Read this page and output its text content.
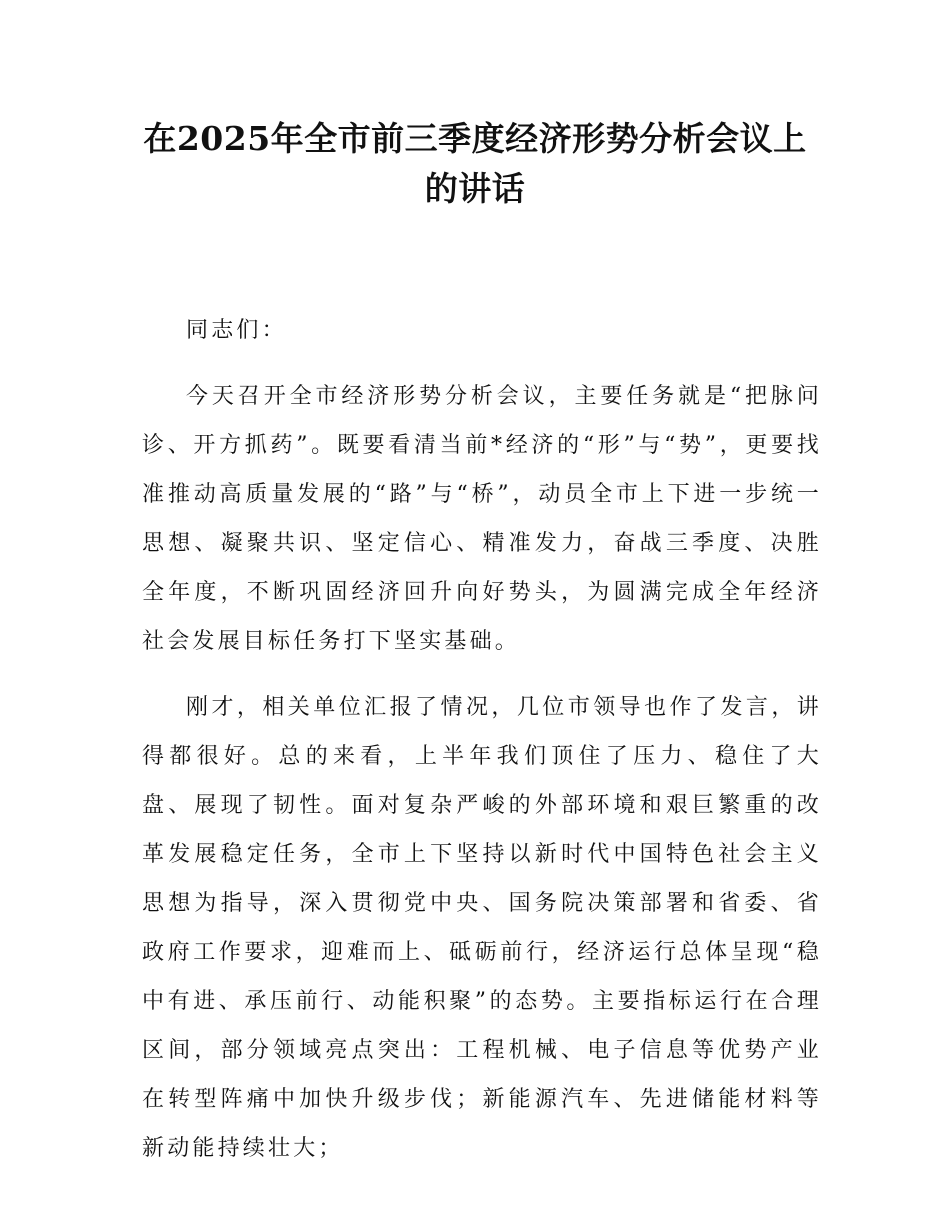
在2025年全市前三季度经济形势分析会议上
的讲话

同志们：

今天召开全市经济形势分析会议，主要任务就是“把脉问诊、开方抓药”。既要看清当前*经济的“形”与“势”，更要找准推动高质量发展的“路”与“桥”，动员全市上下进一步统一思想、凝聚共识、坚定信心、精准发力，奋战三季度、决胜全年度，不断巩固经济回升向好势头，为圆满完成全年经济社会发展目标任务打下坚实基础。

刚才，相关单位汇报了情况，几位市领导也作了发言，讲得都很好。总的来看，上半年我们顶住了压力、稳住了大盘、展现了韧性。面对复杂严峻的外部环境和艰巨繁重的改革发展稳定任务，全市上下坚持以新时代中国特色社会主义思想为指导，深入贯彻党中央、国务院决策部署和省委、省政府工作要求，迎难而上、砥砺前行，经济运行总体呈现“稳中有进、承压前行、动能积聚”的态势。主要指标运行在合理区间，部分领域亮点突出：工程机械、电子信息等优势产业在转型阵痛中加快升级步伐；新能源汽车、先进储能材料等新动能持续壮大；
